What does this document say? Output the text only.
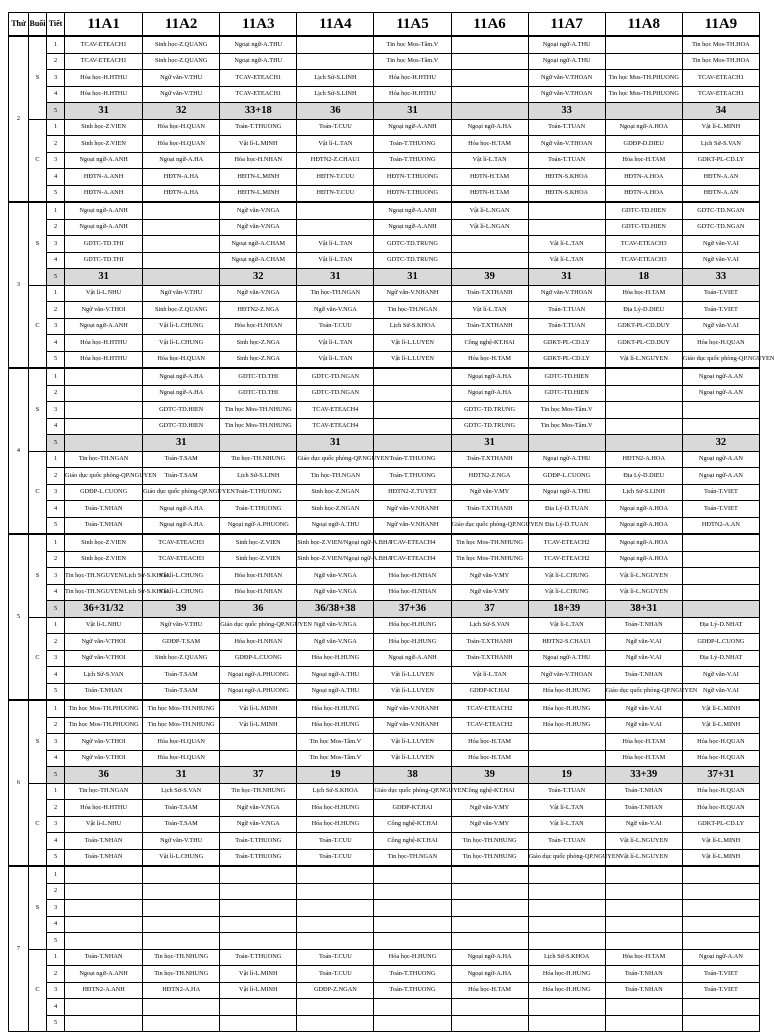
Thứ	Buổi	Tiết	11A1	11A2	11A3	11A4	11A5	11A6	11A7	11A8	11A9
2	S	1	TCAV-ETEACH1	Sinh học-Z.QUANG	Ngoại ngữ-A.THU		Tin học Mos-Tâm.V		Ngoại ngữ-A.THU		Tin học Mos-TH.HOA
		2	TCAV-ETEACH1	Sinh học-Z.QUANG	Ngoại ngữ-A.THU		Tin học Mos-Tâm.V		Ngoại ngữ-A.THU		Tin học Mos-TH.HOA
		3	Hóa học-H.HTHU	Ngữ văn-V.THU	TCAV-ETEACH1	Lịch Sử-S.LINH	Hóa học-H.HTHU		Ngữ văn-V.THOAN	Tin học Mos-TH.PHUONG	TCAV-ETEACH1
		4	Hóa học-H.HTHU	Ngữ văn-V.THU	TCAV-ETEACH1	Lịch Sử-S.LINH	Hóa học-H.HTHU		Ngữ văn-V.THOAN	Tin học Mos-TH.PHUONG	TCAV-ETEACH1
		5	31	32	33+18	36	31		33		34
	C	1	Sinh học-Z.VIEN	Hóa học-H.QUAN	Toán-T.THUONG	Toán-T.CUU	Ngoại ngữ-A.ANH	Ngoại ngữ-A.HA	Toán-T.TUAN	Ngoại ngữ-A.HOA	Vật lí-L.MINH
		2	Sinh học-Z.VIEN	Hóa học-H.QUAN	Vật lí-L.MINH	Vật lí-L.TAN	Toán-T.THUONG	Hóa học-H.TAM	Ngữ văn-V.THOAN	GDĐP-D.DIEU	Lịch Sử-S.VAN
		3	Ngoại ngữ-A.ANH	Ngoại ngữ-A.HA	Hóa học-H.NHAN	HĐTN2-Z.CHAU1	Toán-T.THUONG	Vật lí-L.TAN	Toán-T.TUAN	Hóa học-H.TAM	GDKT-PL-CD.LY
		4	HĐTN-A.ANH	HĐTN-A.HA	HĐTN-L.MINH	HĐTN-T.CUU	HĐTN-T.THUONG	HĐTN-H.TAM	HĐTN-S.KHOA	HĐTN-A.HOA	HĐTN-A.AN
		5	HĐTN-A.ANH	HĐTN-A.HA	HĐTN-L.MINH	HĐTN-T.CUU	HĐTN-T.THUONG	HĐTN-H.TAM	HĐTN-S.KHOA	HĐTN-A.HOA	HĐTN-A.AN
3	S	1	Ngoại ngữ-A.ANH		Ngữ văn-V.NGA		Ngoại ngữ-A.ANH	Vật lí-L.NGAN		GDTC-TD.HIEN	GDTC-TD.NGAN
		2	Ngoại ngữ-A.ANH		Ngữ văn-V.NGA		Ngoại ngữ-A.ANH	Vật lí-L.NGAN		GDTC-TD.HIEN	GDTC-TD.NGAN
		3	GDTC-TD.THI		Ngoại ngữ-A.CHAM	Vật lí-L.TAN	GDTC-TD.TRUNG		Vật lí-L.TAN	TCAV-ETEACH3	Ngữ văn-V.AI
		4	GDTC-TD.THI		Ngoại ngữ-A.CHAM	Vật lí-L.TAN	GDTC-TD.TRUNG		Vật lí-L.TAN	TCAV-ETEACH3	Ngữ văn-V.AI
		5	31		32	31	31	39	31	18	33
	C	1	Vật lí-L.NHU	Ngữ văn-V.THU	Ngữ văn-V.NGA	Tin học-TH.NGAN	Ngữ văn-V.NHANH	Toán-T.XTHANH	Ngữ văn-V.THOAN	Hóa học-H.TAM	Toán-T.VIET
		2	Ngữ văn-V.THOI	Sinh học-Z.QUANG	HĐTN2-Z.NGA	Ngữ văn-V.NGA	Tin học-TH.NGAN	Vật lí-L.TAN	Toán-T.TUAN	Địa Lý-D.DIEU	Toán-T.VIET
		3	Ngoại ngữ-A.ANH	Vật lí-L.CHUNG	Hóa học-H.NHAN	Toán-T.CUU	Lịch Sử-S.KHOA	Toán-T.XTHANH	Toán-T.TUAN	GDKT-PL-CD.DUY	Ngữ văn-V.AI
		4	Hóa học-H.HTHU	Vật lí-L.CHUNG	Sinh học-Z.NGA	Vật lí-L.TAN	Vật lí-L.LUYEN	Công nghệ-KT.HAI	GDKT-PL-CD.LY	GDKT-PL-CD.DUY	Hóa học-H.QUAN
		5	Hóa học-H.HTHU	Hóa học-H.QUAN	Sinh học-Z.NGA	Vật lí-L.TAN	Vật lí-L.LUYEN	Hóa học-H.TAM	GDKT-PL-CD.LY	Vật lí-L.NGUYEN	Giáo dục quốc phòng-QP.NGUYEN
4	S	1		Ngoại ngữ-A.HA	GDTC-TD.THI	GDTC-TD.NGAN		Ngoại ngữ-A.HA	GDTC-TD.HIEN		Ngoại ngữ-A.AN
		2		Ngoại ngữ-A.HA	GDTC-TD.THI	GDTC-TD.NGAN		Ngoại ngữ-A.HA	GDTC-TD.HIEN		Ngoại ngữ-A.AN
		3		GDTC-TD.HIEN	Tin học Mos-TH.NHUNG	TCAV-ETEACH4		GDTC-TD.TRUNG	Tin học Mos-Tâm.V		
		4		GDTC-TD.HIEN	Tin học Mos-TH.NHUNG	TCAV-ETEACH4		GDTC-TD.TRUNG	Tin học Mos-Tâm.V		
		5		31		31		31			32
	C	1	Tin học-TH.NGAN	Toán-T.SAM	Tin học-TH.NHUNG	Giáo dục quốc phòng-QP.NGUYEN	Toán-T.THUONG	Toán-T.XTHANH	Ngoại ngữ-A.THU	HĐTN2-A.HOA	Ngoại ngữ-A.AN
		2	Giáo dục quốc phòng-QP.NGUYEN	Toán-T.SAM	Lịch Sử-S.LINH	Tin học-TH.NGAN	Toán-T.THUONG	HĐTN2-Z.NGA	GDĐP-L.CUONG	Địa Lý-D.DIEU	Ngoại ngữ-A.AN
		3	GDĐP-L.CUONG	Giáo dục quốc phòng-QP.NGUYEN	Toán-T.THUONG	Sinh học-Z.NGAN	HĐTN2-Z.TUYET	Ngữ văn-V.MY	Ngoại ngữ-A.THU	Lịch Sử-S.LINH	Toán-T.VIET
		4	Toán-T.NHAN	Ngoại ngữ-A.HA	Toán-T.THUONG	Sinh học-Z.NGAN	Ngữ văn-V.NHANH	Toán-T.XTHANH	Địa Lý-D.TUAN	Ngoại ngữ-A.HOA	Toán-T.VIET
		5	Toán-T.NHAN	Ngoại ngữ-A.HA	Ngoại ngữ-A.PHUONG	Ngoại ngữ-A.THU	Ngữ văn-V.NHANH	Giáo dục quốc phòng-QP.NGUYEN	Địa Lý-D.TUAN	Ngoại ngữ-A.HOA	HĐTN2-A.AN
5	S	1	Sinh học-Z.VIEN	TCAV-ETEACH3	Sinh học-Z.VIEN	Sinh học-Z.VIEN/Ngoại ngữ-A.BHA	TCAV-ETEACH4	Tin học Mos-TH.NHUNG	TCAV-ETEACH2	Ngoại ngữ-A.HOA	
		2	Sinh học-Z.VIEN	TCAV-ETEACH3	Sinh học-Z.VIEN	Sinh học-Z.VIEN/Ngoại ngữ-A.BHA	TCAV-ETEACH4	Tin học Mos-TH.NHUNG	TCAV-ETEACH2	Ngoại ngữ-A.HOA	
		3	Tin học-TH.NGUYEN/Lịch Sử-S.KHOA	Vật lí-L.CHUNG	Hóa học-H.NHAN	Ngữ văn-V.NGA	Hóa học-H.NHAN	Ngữ văn-V.MY	Vật lí-L.CHUNG	Vật lí-L.NGUYEN	
		4	Tin học-TH.NGUYEN/Lịch Sử-S.KHOA	Vật lí-L.CHUNG	Hóa học-H.NHAN	Ngữ văn-V.NGA	Hóa học-H.NHAN	Ngữ văn-V.MY	Vật lí-L.CHUNG	Vật lí-L.NGUYEN	
		5	36+31/32	39	36	36/38+38	37+36	37	18+39	38+31	
	C	1	Vật lí-L.NHU	Ngữ văn-V.THU	Giáo dục quốc phòng-QP.NGUYEN	Ngữ văn-V.NGA	Hóa học-H.HUNG	Lịch Sử-S.VAN	Vật lí-L.TAN	Toán-T.NHAN	Địa Lý-D.NHAT
		2	Ngữ văn-V.THOI	GDĐP-T.SAM	Hóa học-H.NHAN	Ngữ văn-V.NGA	Hóa học-H.HUNG	Toán-T.XTHANH	HĐTN2-S.CHAU1	Ngữ văn-V.AI	GDĐP-L.CUONG
		3	Ngữ văn-V.THOI	Sinh học-Z.QUANG	GDĐP-L.CUONG	Hóa học-H.HUNG	Ngoại ngữ-A.ANH	Toán-T.XTHANH	Ngoại ngữ-A.THU	Ngữ văn-V.AI	Địa Lý-D.NHAT
		4	Lịch Sử-S.VAN	Toán-T.SAM	Ngoại ngữ-A.PHUONG	Ngoại ngữ-A.THU	Vật lí-L.LUYEN	Vật lí-L.TAN	Ngữ văn-V.THOAN	Toán-T.NHAN	Ngữ văn-V.AI
		5	Toán-T.NHAN	Toán-T.SAM	Ngoại ngữ-A.PHUONG	Ngoại ngữ-A.THU	Vật lí-L.LUYEN	GDĐP-KT.HAI	Hóa học-H.HUNG	Giáo dục quốc phòng-QP.NGUYEN	Ngữ văn-V.AI
6	S	1	Tin học Mos-TH.PHUONG	Tin học Mos-TH.NHUNG	Vật lí-L.MINH	Hóa học-H.HUNG	Ngữ văn-V.NHANH	TCAV-ETEACH2	Hóa học-H.HUNG	Ngữ văn-V.AI	Vật lí-L.MINH
		2	Tin học Mos-TH.PHUONG	Tin học Mos-TH.NHUNG	Vật lí-L.MINH	Hóa học-H.HUNG	Ngữ văn-V.NHANH	TCAV-ETEACH2	Hóa học-H.HUNG	Ngữ văn-V.AI	Vật lí-L.MINH
		3	Ngữ văn-V.THOI	Hóa học-H.QUAN		Tin học Mos-Tâm.V	Vật lí-L.LUYEN	Hóa học-H.TAM		Hóa học-H.TAM	Hóa học-H.QUAN
		4	Ngữ văn-V.THOI	Hóa học-H.QUAN		Tin học Mos-Tâm.V	Vật lí-L.LUYEN	Hóa học-H.TAM		Hóa học-H.TAM	Hóa học-H.QUAN
		5	36	31	37	19	38	39	19	33+39	37+31
	C	1	Tin học-TH.NGAN	Lịch Sử-S.VAN	Tin học-TH.NHUNG	Lịch Sử-S.KHOA	Giáo dục quốc phòng-QP.NGUYEN	Công nghệ-KT.HAI	Toán-T.TUAN	Toán-T.NHAN	Hóa học-H.QUAN
		2	Hóa học-H.HTHU	Toán-T.SAM	Ngữ văn-V.NGA	Hóa học-H.HUNG	GDĐP-KT.HAI	Ngữ văn-V.MY	Vật lí-L.TAN	Toán-T.NHAN	Hóa học-H.QUAN
		3	Vật lí-L.NHU	Toán-T.SAM	Ngữ văn-V.NGA	Hóa học-H.HUNG	Công nghệ-KT.HAI	Ngữ văn-V.MY	Vật lí-L.TAN	Ngữ văn-V.AI	GDKT-PL-CD.LY
		4	Toán-T.NHAN	Ngữ văn-V.THU	Toán-T.THUONG	Toán-T.CUU	Công nghệ-KT.HAI	Tin học-TH.NHUNG	Toán-T.TUAN	Vật lí-L.NGUYEN	Vật lí-L.MINH
		5	Toán-T.NHAN	Vật lí-L.CHUNG	Toán-T.THUONG	Toán-T.CUU	Tin học-TH.NGAN	Tin học-TH.NHUNG	Giáo dục quốc phòng-QP.NGUYEN	Vật lí-L.NGUYEN	Vật lí-L.MINH
7	S	1									
		2									
		3									
		4									
		5									
	C	1	Toán-T.NHAN	Tin học-TH.NHUNG	Toán-T.THUONG	Toán-T.CUU	Hóa học-H.HUNG	Ngoại ngữ-A.HA	Lịch Sử-S.KHOA	Hóa học-H.TAM	Ngoại ngữ-A.AN
		2	Ngoại ngữ-A.ANH	Tin học-TH.NHUNG	Vật lí-L.MINH	Toán-T.CUU	Toán-T.THUONG	Ngoại ngữ-A.HA	Hóa học-H.HUNG	Toán-T.NHAN	Toán-T.VIET
		3	HĐTN2-A.ANH	HĐTN2-A.HA	Vật lí-L.MINH	GDĐP-Z.NGAN	Toán-T.THUONG	Hóa học-H.TAM	Hóa học-H.HUNG	Toán-T.NHAN	Toán-T.VIET
		4									
		5									
